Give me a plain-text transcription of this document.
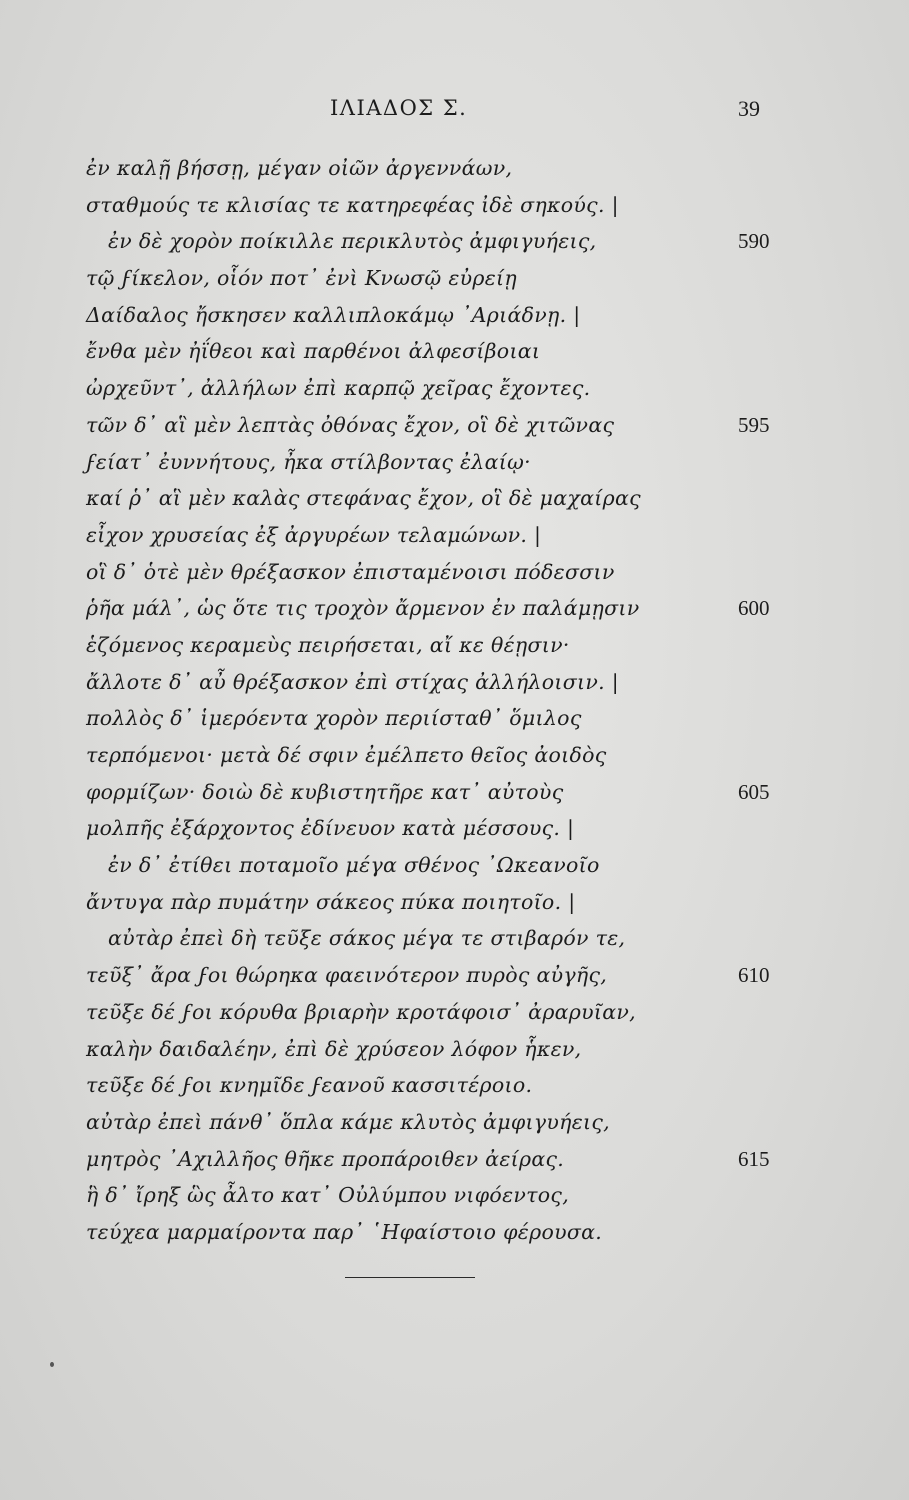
ΙΛΙΑΔΟΣ Σ.	39
ἐν καλῇ βήσσῃ, μέγαν οἰῶν ἀργεννάων,
σταθμούς τε κλισίας τε κατηρεφέας ἰδὲ σηκούς. |
ἐν δὲ χορὸν ποίκιλλε περικλυτὸς ἀμφιγυήεις,	590
τῷ ϝίκελον, οἷόν ποτ᾽ ἐνὶ Κνωσῷ εὐρείῃ
Δαίδαλος ἤσκησεν καλλιπλοκάμῳ ᾽Αριάδνῃ. |
ἔνθα μὲν ἠΐθεοι καὶ παρθένοι ἀλφεσίβοιαι
ὠρχεῦντ᾽, ἀλλήλων ἐπὶ καρπῷ χεῖρας ἔχοντες.
τῶν δ᾽ αἳ μὲν λεπτὰς ὀθόνας ἔχον, οἳ δὲ χιτῶνας	595
ϝείατ᾽ ἐυννήτους, ἦκα στίλβοντας ἐλαίῳ·
καί ῥ᾽ αἳ μὲν καλὰς στεφάνας ἔχον, οἳ δὲ μαχαίρας
εἶχον χρυσείας ἐξ ἀργυρέων τελαμώνων. |
οἳ δ᾽ ὁτὲ μὲν θρέξασκον ἐπισταμένοισι πόδεσσιν
ῥῆα μάλ᾽, ὡς ὅτε τις τροχὸν ἄρμενον ἐν παλάμῃσιν	600
ἑζόμενος κεραμεὺς πειρήσεται, αἴ κε θέῃσιν·
ἄλλοτε δ᾽ αὖ θρέξασκον ἐπὶ στίχας ἀλλήλοισιν. |
πολλὸς δ᾽ ἱμερόεντα χορὸν περιίσταθ᾽ ὅμιλος
τερπόμενοι· μετὰ δέ σφιν ἐμέλπετο θεῖος ἀοιδὸς
φορμίζων· δοιὼ δὲ κυβιστητῆρε κατ᾽ αὐτοὺς	605
μολπῆς ἐξάρχοντος ἐδίνευον κατὰ μέσσους. |
ἐν δ᾽ ἐτίθει ποταμοῖο μέγα σθένος ᾽Ωκεανοῖο
ἄντυγα πὰρ πυμάτην σάκεος πύκα ποιητοῖο. |
αὐτὰρ ἐπεὶ δὴ τεῦξε σάκος μέγα τε στιβαρόν τε,
τεῦξ᾽ ἄρα ϝοι θώρηκα φαεινότερον πυρὸς αὐγῆς,	610
τεῦξε δέ ϝοι κόρυθα βριαρὴν κροτάφοισ᾽ ἀραρυῖαν,
καλὴν δαιδαλέην, ἐπὶ δὲ χρύσεον λόφον ἧκεν,
τεῦξε δέ ϝοι κνημῖδε ϝεανοῦ κασσιτέροιο.
αὐτὰρ ἐπεὶ πάνθ᾽ ὅπλα κάμε κλυτὸς ἀμφιγυήεις,
μητρὸς ᾽Αχιλλῆος θῆκε προπάροιθεν ἀείρας.	615
ἣ δ᾽ ἴρηξ ὣς ἆλτο κατ᾽ Οὐλύμπου νιφόεντος,
τεύχεα μαρμαίροντα παρ᾽ ῾Ηφαίστοιο φέρουσα.
